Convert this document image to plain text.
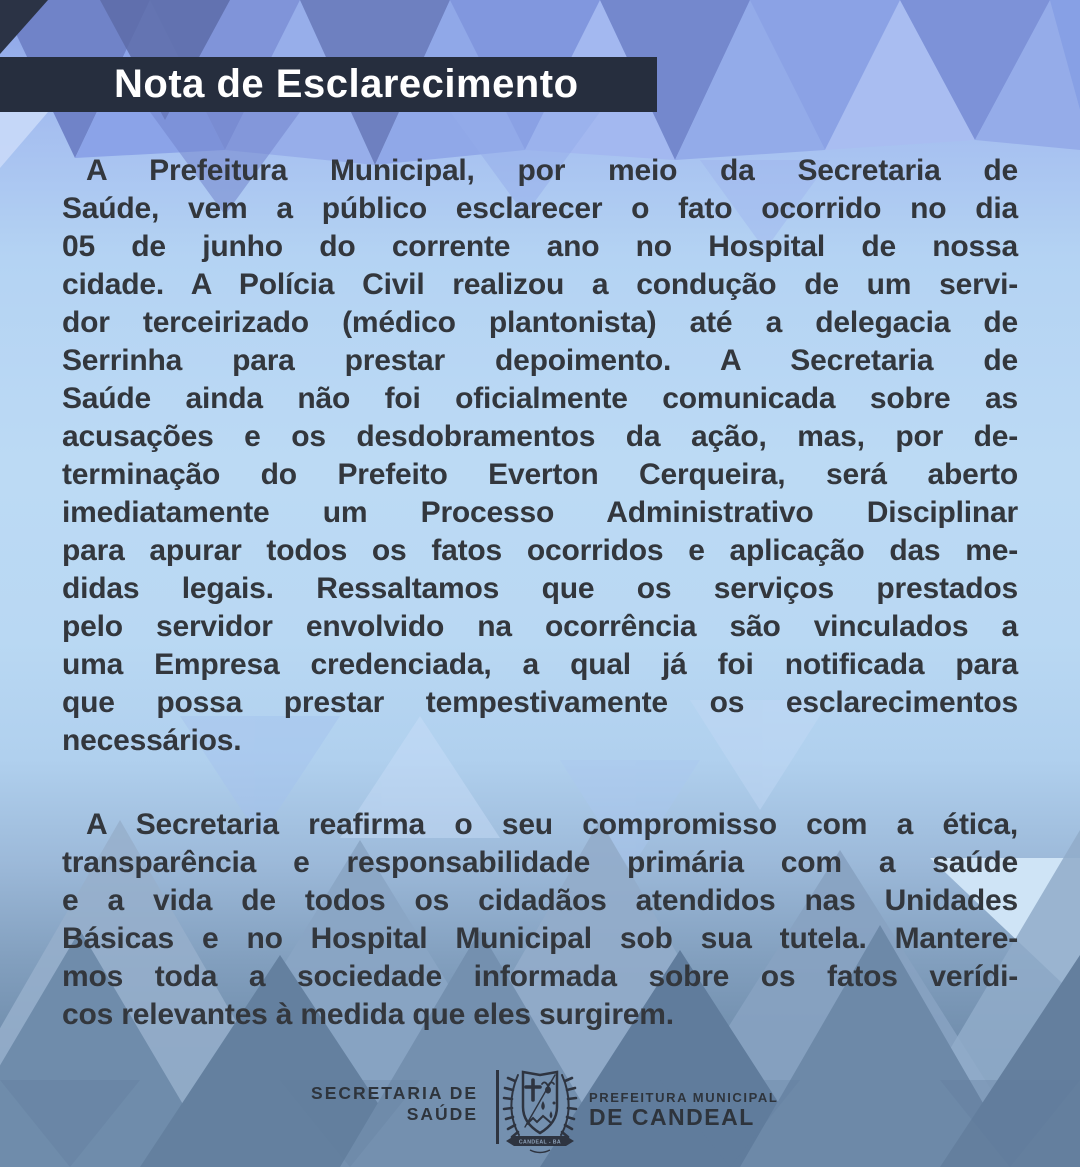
Nota de Esclarecimento
A Prefeitura Municipal, por meio da Secretaria de
Saúde, vem a público esclarecer o fato ocorrido no dia
05 de junho do corrente ano no Hospital de nossa
cidade. A Polícia Civil realizou a condução de um servi-
dor terceirizado (médico plantonista) até a delegacia de
Serrinha para prestar depoimento. A Secretaria de
Saúde ainda não foi oficialmente comunicada sobre as
acusações e os desdobramentos da ação, mas, por de-
terminação do Prefeito Everton Cerqueira, será aberto
imediatamente um Processo Administrativo Disciplinar
para apurar todos os fatos ocorridos e aplicação das me-
didas legais. Ressaltamos que os serviços prestados
pelo servidor envolvido na ocorrência são vinculados a
uma Empresa credenciada, a qual já foi notificada para
que possa prestar tempestivamente os esclarecimentos
necessários.
A Secretaria reafirma o seu compromisso com a ética,
transparência e responsabilidade primária com a saúde
e a vida de todos os cidadãos atendidos nas Unidades
Básicas e no Hospital Municipal sob sua tutela. Mantere-
mos toda a sociedade informada sobre os fatos verídi-
cos relevantes à medida que eles surgirem.
SECRETARIA DE
SAÚDE
CANDEAL - BA
PREFEITURA MUNICIPAL
DE CANDEAL
